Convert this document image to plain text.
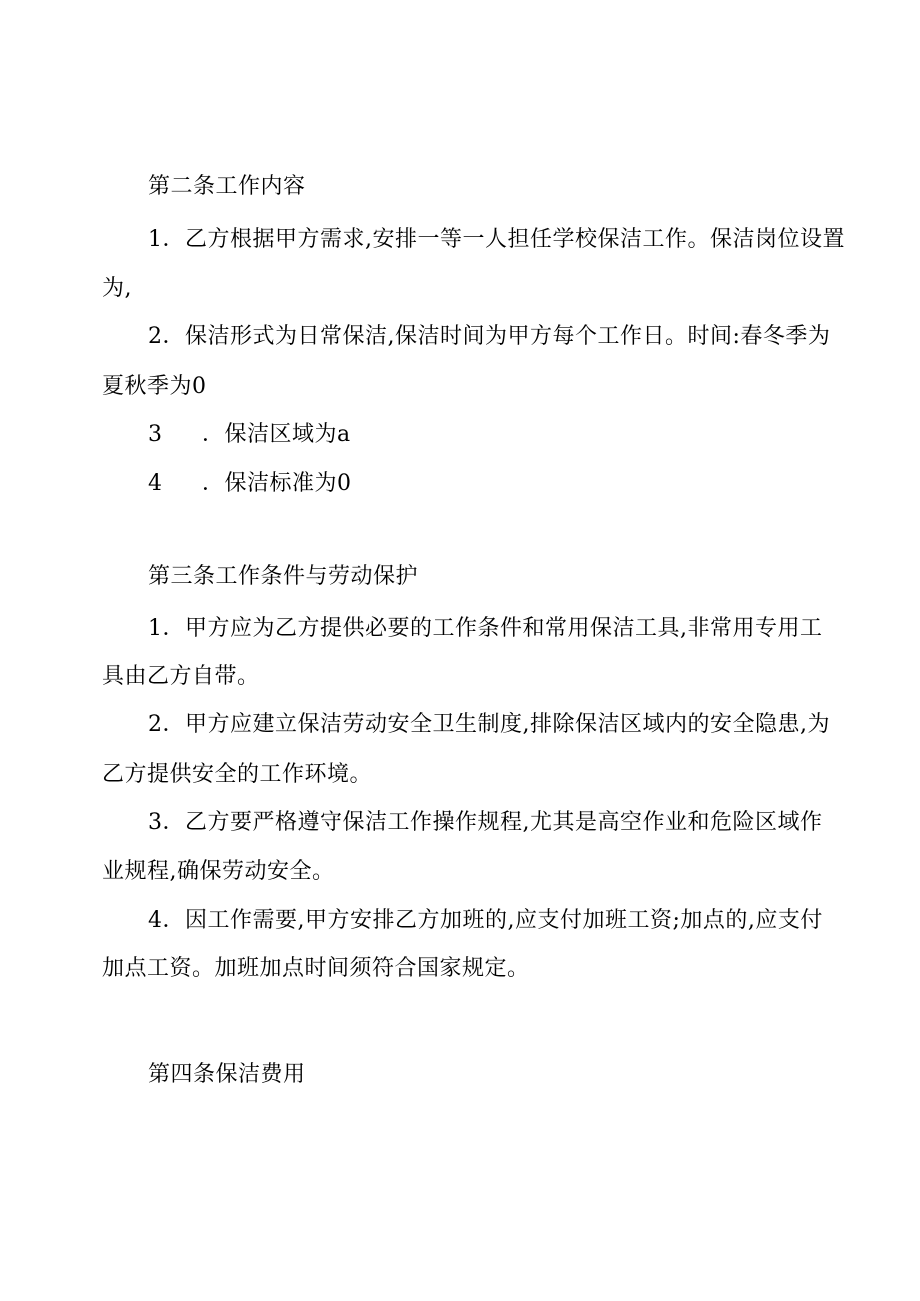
第二条工作内容
1．乙方根据甲方需求,安排一等一人担任学校保洁工作。保洁岗位设置
为,
2．保洁形式为日常保洁,保洁时间为甲方每个工作日。时间:春冬季为
夏秋季为0
3 ．保洁区域为a
4 ．保洁标准为0
第三条工作条件与劳动保护
1．甲方应为乙方提供必要的工作条件和常用保洁工具,非常用专用工
具由乙方自带。
2．甲方应建立保洁劳动安全卫生制度,排除保洁区域内的安全隐患,为
乙方提供安全的工作环境。
3．乙方要严格遵守保洁工作操作规程,尤其是高空作业和危险区域作
业规程,确保劳动安全。
4．因工作需要,甲方安排乙方加班的,应支付加班工资;加点的,应支付
加点工资。加班加点时间须符合国家规定。
第四条保洁费用
